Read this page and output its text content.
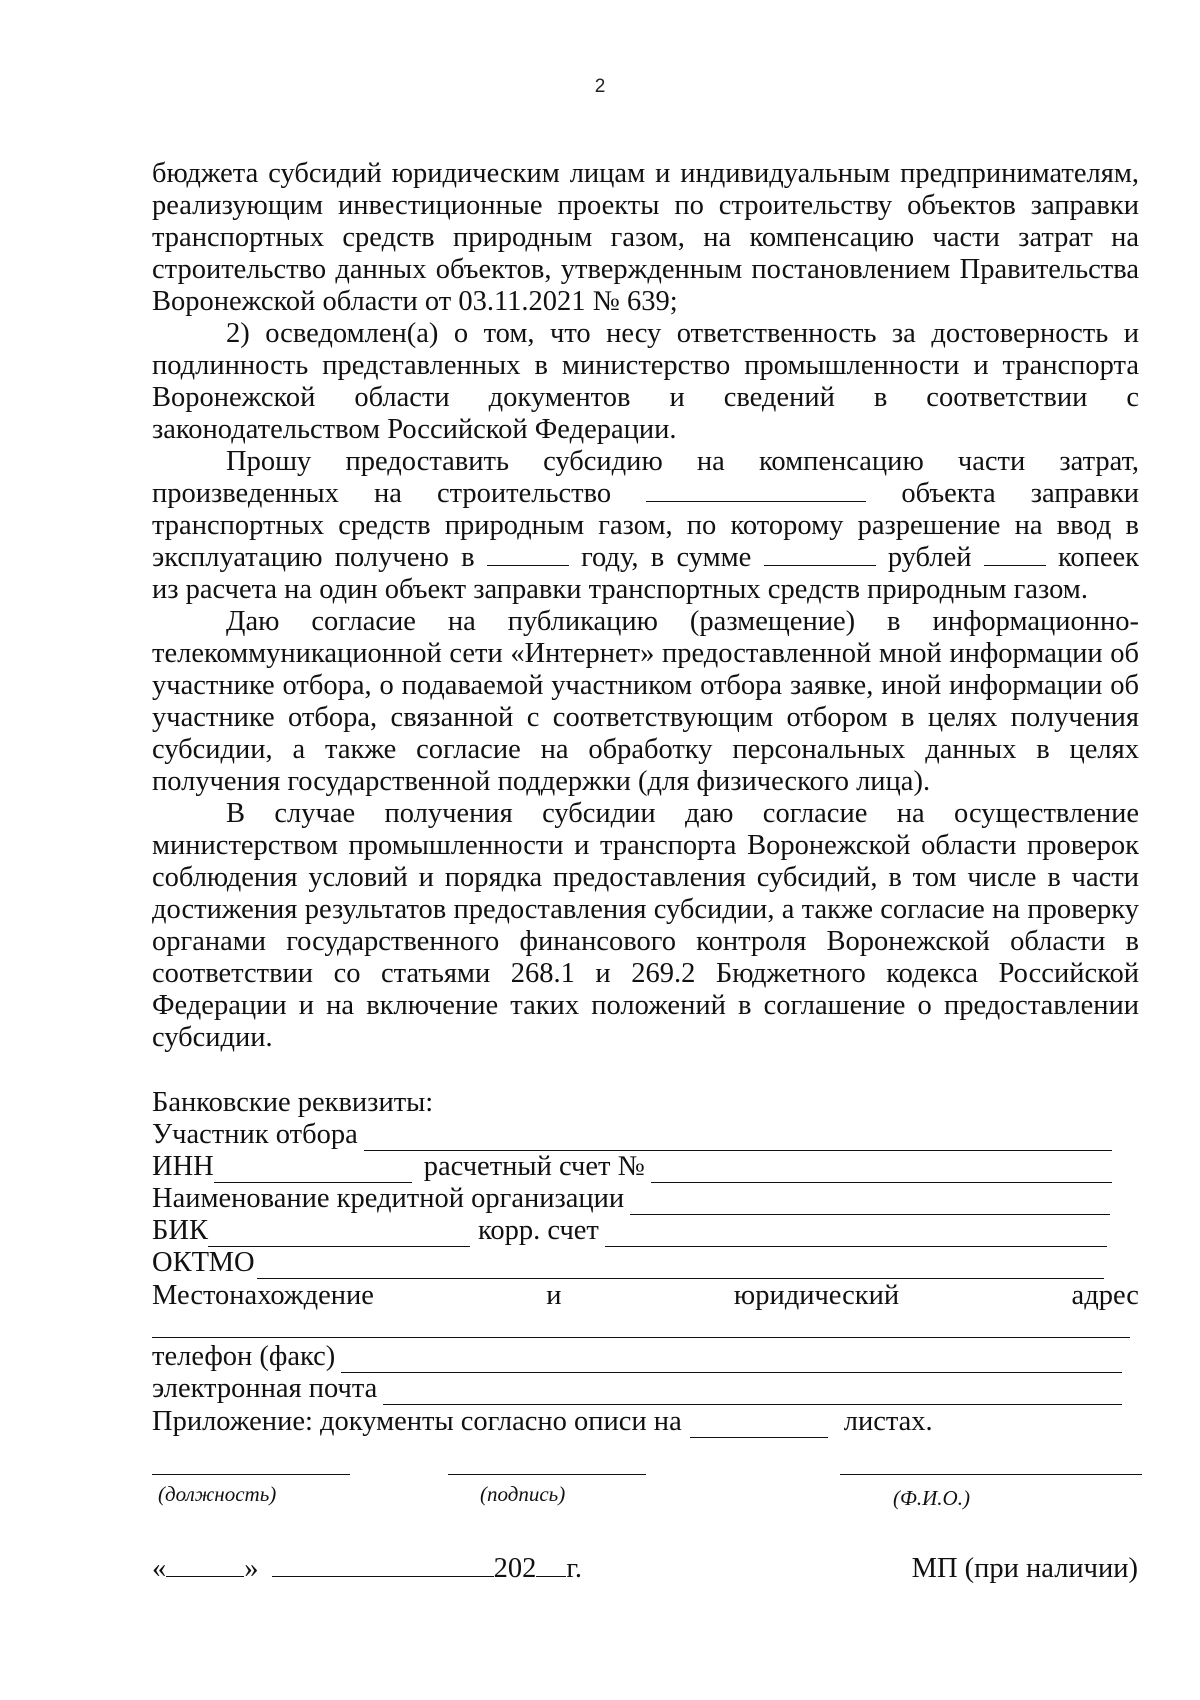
2
бюджета субсидий юридическим лицам и индивидуальным предпринимателям,
реализующим инвестиционные проекты по строительству объектов заправки
транспортных средств природным газом, на компенсацию части затрат на
строительство данных объектов, утвержденным постановлением Правительства
Воронежской области от 03.11.2021 № 639;
2) осведомлен(а) о том, что несу ответственность за достоверность и
подлинность представленных в министерство промышленности и транспорта
Воронежской области документов и сведений в соответствии с
законодательством Российской Федерации.
Прошу предоставить субсидию на компенсацию части затрат,
произведенных на строительство	объекта заправки
транспортных средств природным газом, по которому разрешение на ввод в
эксплуатацию получено в	году, в сумме	рублей	копеек
из расчета на один объект заправки транспортных средств природным газом.
Даю согласие на публикацию (размещение) в информационно-
телекоммуникационной сети «Интернет» предоставленной мной информации об
участнике отбора, о подаваемой участником отбора заявке, иной информации об
участнике отбора, связанной с соответствующим отбором в целях получения
субсидии, а также согласие на обработку персональных данных в целях
получения государственной поддержки (для физического лица).
В случае получения субсидии даю согласие на осуществление
министерством промышленности и транспорта Воронежской области проверок
соблюдения условий и порядка предоставления субсидий, в том числе в части
достижения результатов предоставления субсидии, а также согласие на проверку
органами государственного финансового контроля Воронежской области в
соответствии со статьями 268.1 и 269.2 Бюджетного кодекса Российской
Федерации и на включение таких положений в соглашение о предоставлении
субсидии.
Банковские реквизиты:
Участник отбора
ИНН	расчетный счет №
Наименование кредитной организации
БИК	корр. счет
ОКТМО
Местонахождение	и	юридический	адрес
телефон (факс)
электронная почта
Приложение: документы согласно описи на	листах.
(должность)	(подпись)	(Ф.И.О.)
«	»	202 г.	МП (при наличии)
